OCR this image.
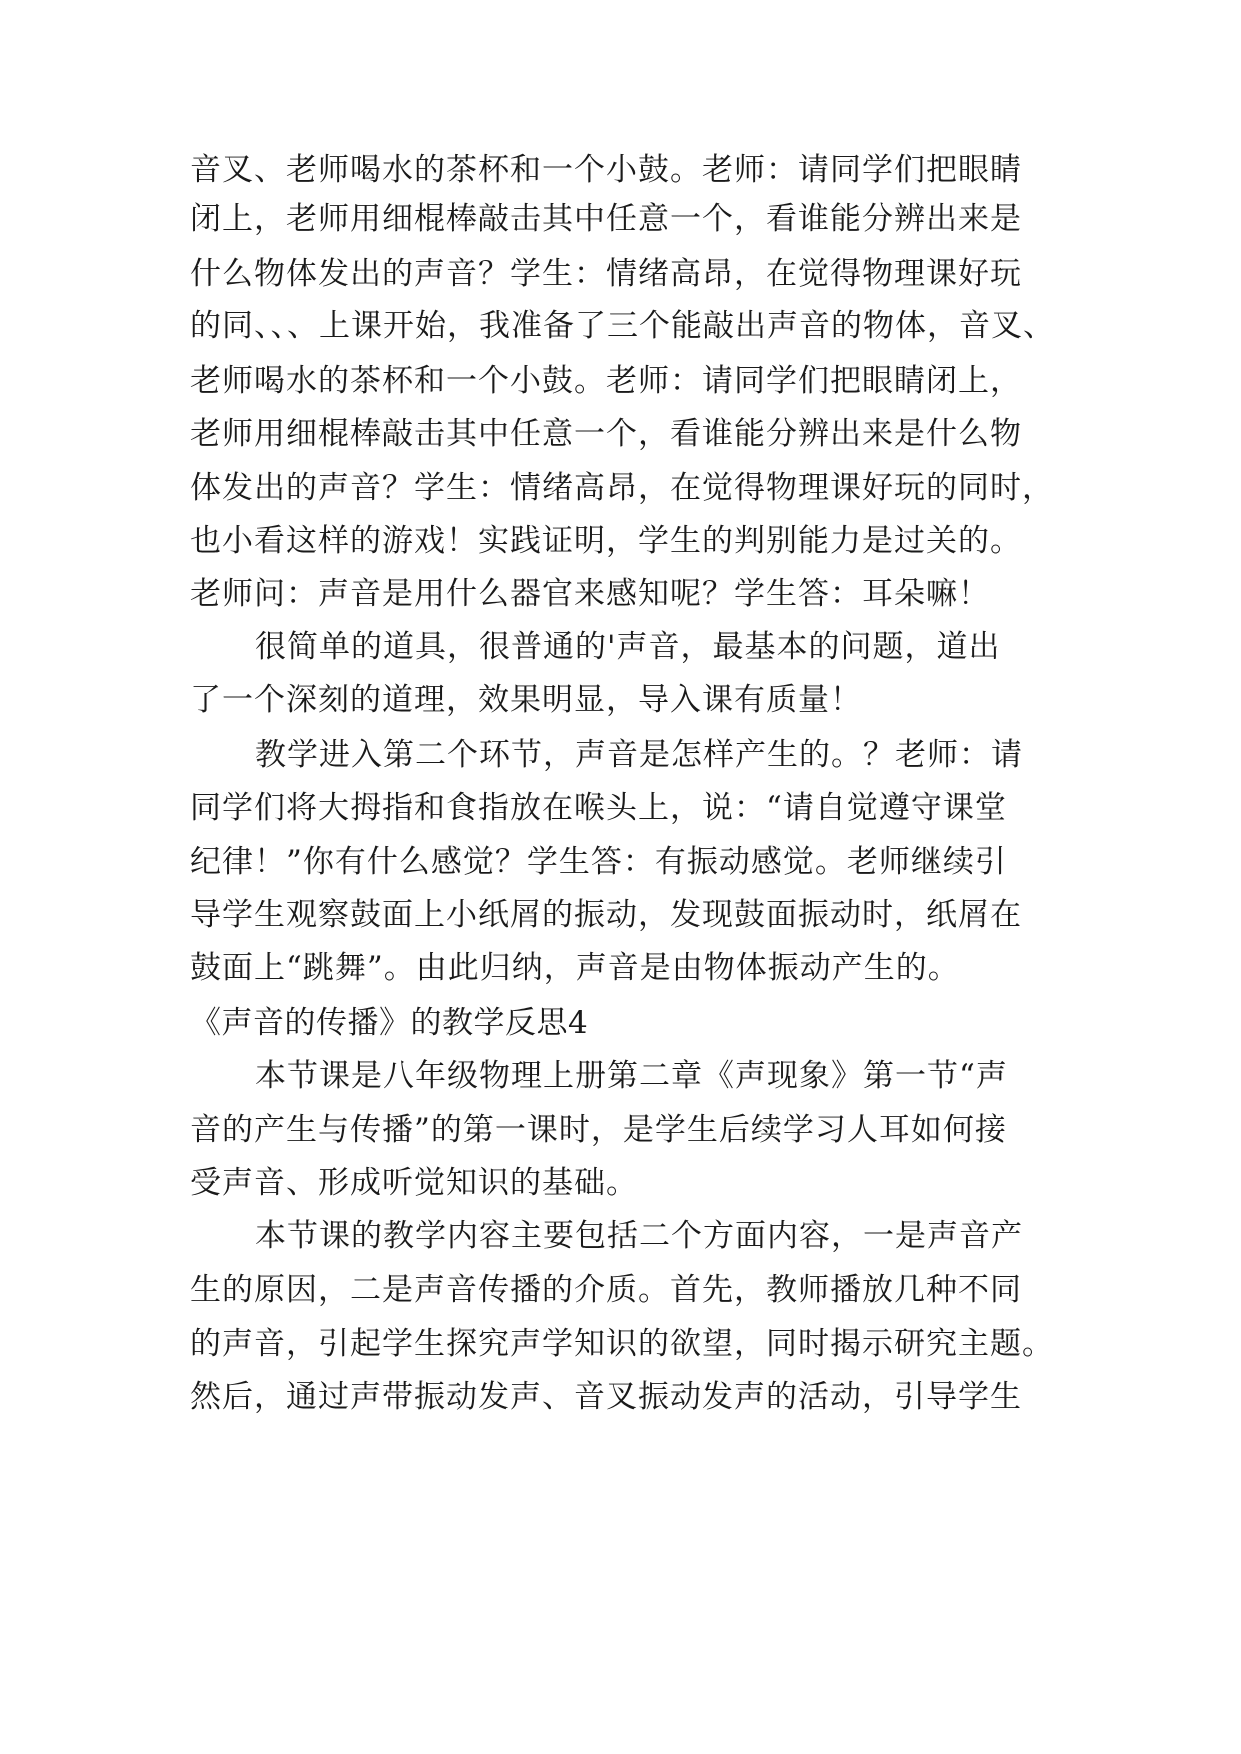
音叉、老师喝水的茶杯和一个小鼓。老师：请同学们把眼睛
闭上，老师用细棍棒敲击其中任意一个，看谁能分辨出来是
什么物体发出的声音？学生：情绪高昂，在觉得物理课好玩
的同、、、上课开始，我准备了三个能敲出声音的物体，音叉、
老师喝水的茶杯和一个小鼓。老师：请同学们把眼睛闭上，
老师用细棍棒敲击其中任意一个，看谁能分辨出来是什么物
体发出的声音？学生：情绪高昂，在觉得物理课好玩的同时，
也小看这样的游戏！实践证明，学生的判别能力是过关的。
老师问：声音是用什么器官来感知呢？学生答：耳朵嘛！
很简单的道具，很普通的'声音，最基本的问题，道出
了一个深刻的道理，效果明显，导入课有质量！
教学进入第二个环节，声音是怎样产生的。？老师：请
同学们将大拇指和食指放在喉头上，说：“请自觉遵守课堂
纪律！”你有什么感觉？学生答：有振动感觉。老师继续引
导学生观察鼓面上小纸屑的振动，发现鼓面振动时，纸屑在
鼓面上“跳舞”。由此归纳，声音是由物体振动产生的。
《声音的传播》的教学反思4
本节课是八年级物理上册第二章《声现象》第一节“声
音的产生与传播”的第一课时，是学生后续学习人耳如何接
受声音、形成听觉知识的基础。
本节课的教学内容主要包括二个方面内容，一是声音产
生的原因，二是声音传播的介质。首先，教师播放几种不同
的声音，引起学生探究声学知识的欲望，同时揭示研究主题。
然后，通过声带振动发声、音叉振动发声的活动，引导学生
